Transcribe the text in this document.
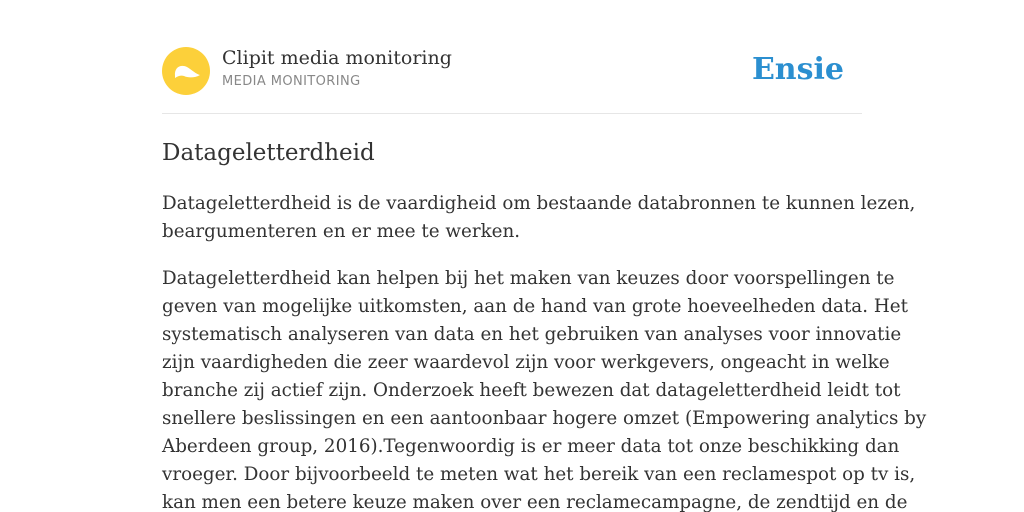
Clipit media monitoring
MEDIA MONITORING	Ensie
Datageletterdheid

Datageletterdheid is de vaardigheid om bestaande databronnen te kunnen lezen,
beargumenteren en er mee te werken.

Datageletterdheid kan helpen bij het maken van keuzes door voorspellingen te
geven van mogelijke uitkomsten, aan de hand van grote hoeveelheden data. Het
systematisch analyseren van data en het gebruiken van analyses voor innovatie
zijn vaardigheden die zeer waardevol zijn voor werkgevers, ongeacht in welke
branche zij actief zijn. Onderzoek heeft bewezen dat datageletterdheid leidt tot
snellere beslissingen en een aantoonbaar hogere omzet (Empowering analytics by
Aberdeen group, 2016).Tegenwoordig is er meer data tot onze beschikking dan
vroeger. Door bijvoorbeeld te meten wat het bereik van een reclamespot op tv is,
kan men een betere keuze maken over een reclamecampagne, de zendtijd en de
